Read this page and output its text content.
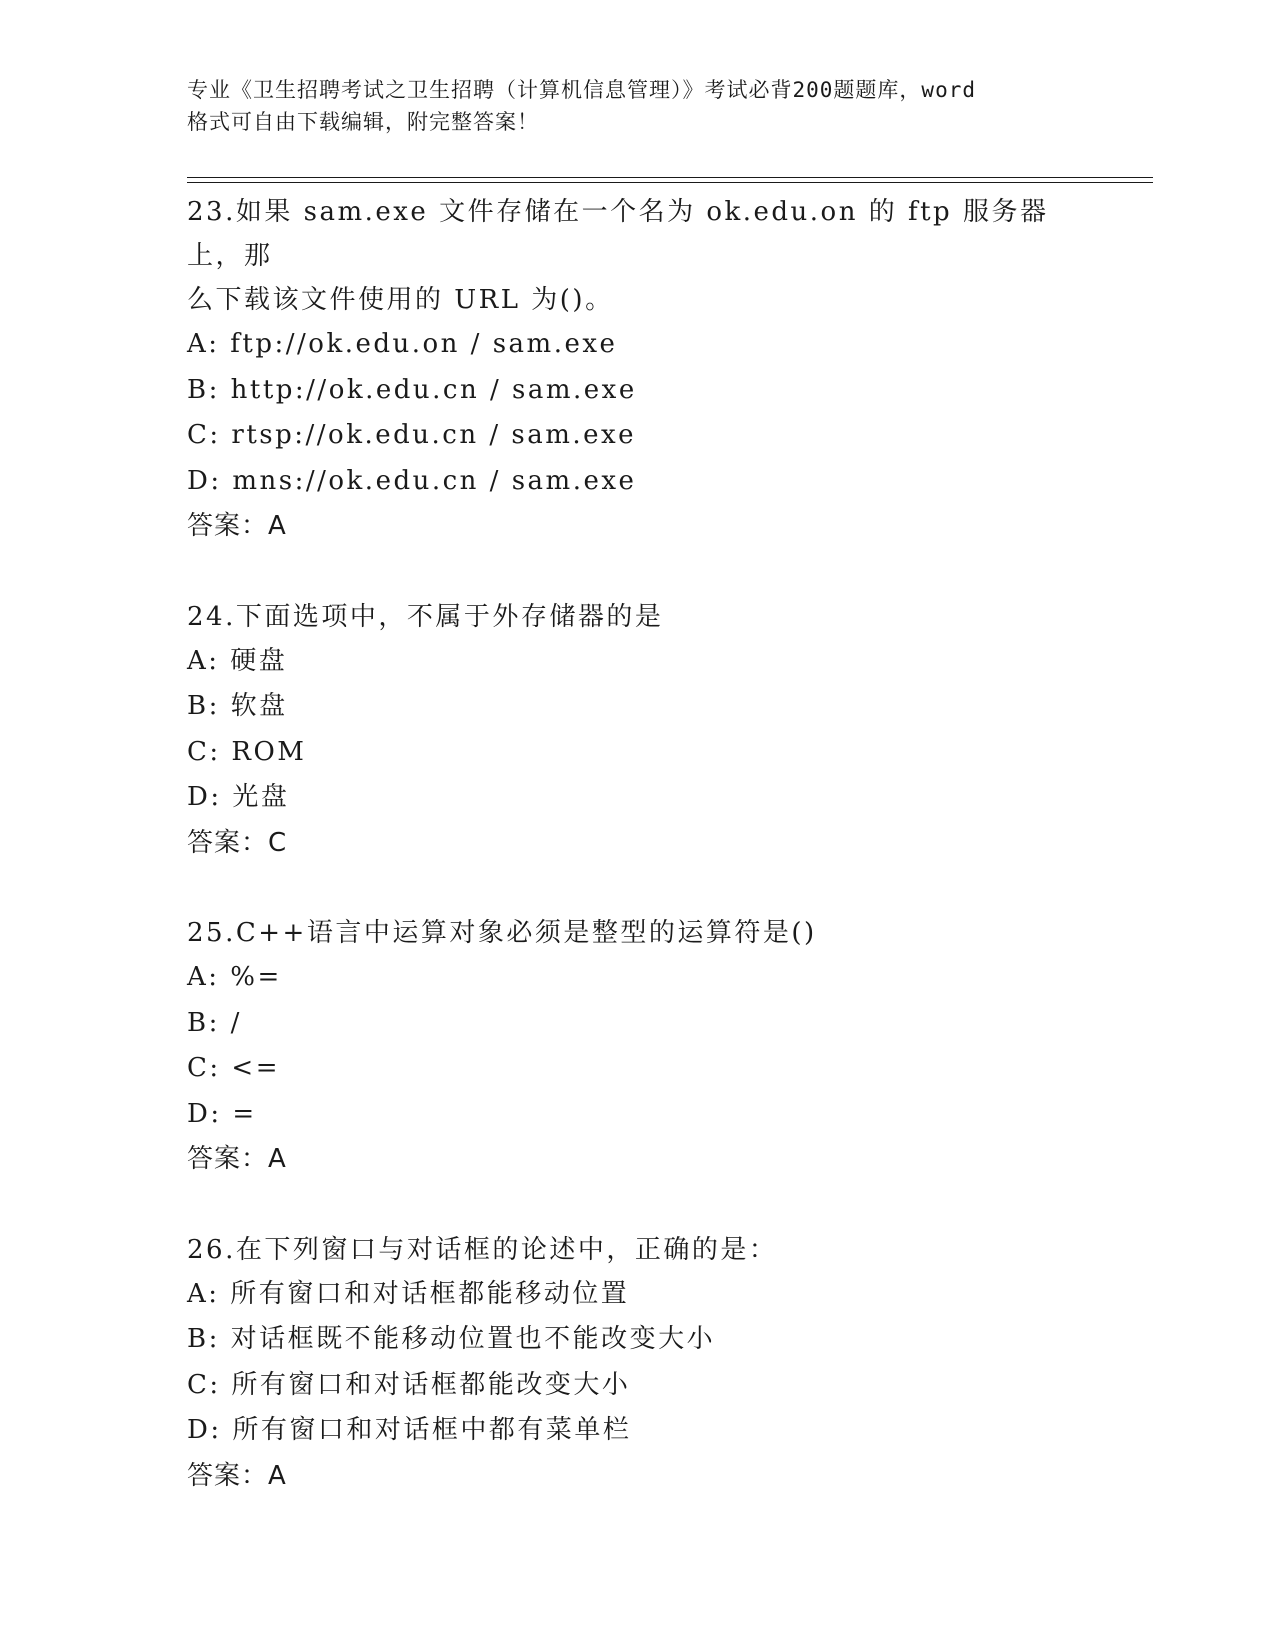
专业《卫生招聘考试之卫生招聘（计算机信息管理）》考试必背200题题库，word
格式可自由下载编辑，附完整答案！

23.如果 sam.exe 文件存储在一个名为 ok.edu.on 的 ftp 服务器上，那

么下载该文件使用的 URL 为()。

A: ftp://ok.edu.on / sam.exe

B: http://ok.edu.cn / sam.exe

C: rtsp://ok.edu.cn / sam.exe

D: mns://ok.edu.cn / sam.exe

答案：A

24.下面选项中，不属于外存储器的是

A: 硬盘

B: 软盘

C: ROM

D: 光盘

答案：C

25.C++语言中运算对象必须是整型的运算符是()

A: %=

B: /

C: <=

D: =

答案：A

26.在下列窗口与对话框的论述中，正确的是：

A: 所有窗口和对话框都能移动位置

B: 对话框既不能移动位置也不能改变大小

C: 所有窗口和对话框都能改变大小

D: 所有窗口和对话框中都有菜单栏

答案：A
